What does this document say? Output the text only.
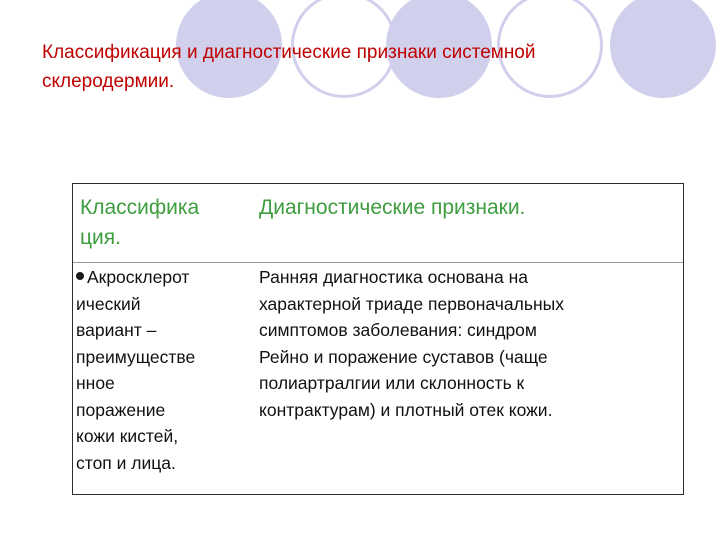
Классификация и диагностические признаки системной
склеродермии.
Классифика
ция.
Диагностические признаки.
Акросклерот
ический
вариант –
преимуществе
нное
поражение
кожи кистей,
стоп и лица.
Ранняя диагностика основана на
характерной триаде первоначальных
симптомов заболевания: синдром
Рейно и поражение суставов (чаще
полиартралгии или склонность к
контрактурам) и плотный отек кожи.
